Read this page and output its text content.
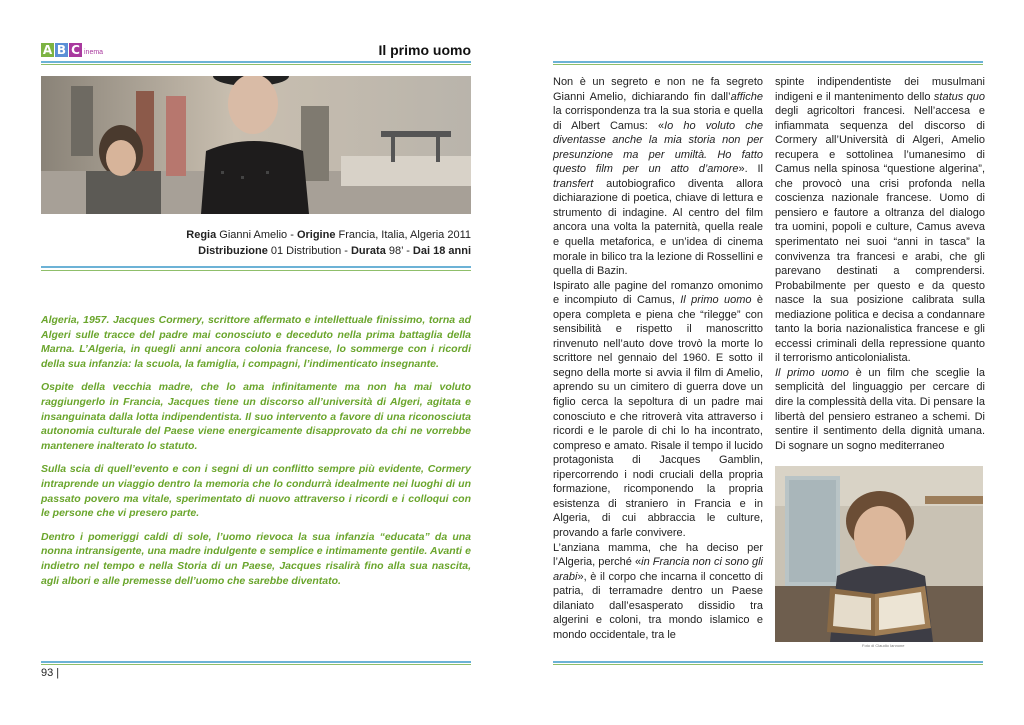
A B C inema	Il primo uomo
Regia Gianni Amelio - Origine Francia, Italia, Algeria 2011
Distribuzione 01 Distribution - Durata 98’ - Dai 18 anni

Algeria, 1957. Jacques Cormery, scrittore affermato e intellettuale finissimo, torna ad Algeri sulle tracce del padre mai conosciuto e deceduto nella prima battaglia della Marna. L’Algeria, in quegli anni ancora colonia francese, lo sommerge con i ricordi della sua infanzia: la scuola, la famiglia, i compagni, l’indimenticato insegnante.

Ospite della vecchia madre, che lo ama infinitamente ma non ha mai voluto raggiungerlo in Francia, Jacques tiene un discorso all’università di Algeri, agitata e insanguinata dalla lotta indipendentista. Il suo intervento a favore di una riconosciuta autonomia culturale del Paese viene energicamente disapprovato da chi ne vorrebbe mantenere inalterato lo statuto.

Sulla scia di quell’evento e con i segni di un conflitto sempre più evidente, Cormery intraprende un viaggio dentro la memoria che lo condurrà idealmente nei luoghi di un passato povero ma vitale, sperimentato di nuovo attraverso i ricordi e i colloqui con le persone che vi presero parte.

Dentro i pomeriggi caldi di sole, l’uomo rievoca la sua infanzia “educata” da una nonna intransigente, una madre indulgente e semplice e intimamente gentile. Avanti e indietro nel tempo e nella Storia di un Paese, Jacques risalirà fino alla sua nascita, agli albori e alle premesse dell’uomo che sarebbe diventato.

93 |

Non è un segreto e non ne fa segreto Gianni Amelio, dichiarando fin dall’affiche la corrispondenza tra la sua storia e quella di Albert Camus: «Io ho voluto che diventasse anche la mia storia non per presunzione ma per umiltà. Ho fatto questo film per un atto d’amore». Il transfert autobiografico diventa allora dichiarazione di poetica, chiave di lettura e strumento di indagine. Al centro del film ancora una volta la paternità, quella reale e quella metaforica, e un’idea di cinema morale in bilico tra la lezione di Rossellini e quella di Bazin.

Ispirato alle pagine del romanzo omonimo e incompiuto di Camus, Il primo uomo è opera completa e piena che “rilegge” con sensibilità e rispetto il manoscritto rinvenuto nell’auto dove trovò la morte lo scrittore nel gennaio del 1960. E sotto il segno della morte si avvia il film di Amelio, aprendo su un cimitero di guerra dove un figlio cerca la sepoltura di un padre mai conosciuto e che ritroverà vita attraverso i ricordi e le parole di chi lo ha incontrato, compreso e amato. Risale il tempo il lucido protagonista di Jacques Gamblin, ripercorrendo i nodi cruciali della propria formazione, ricomponendo la propria esistenza di straniero in Francia e in Algeria, di cui abbraccia le culture, provando a farle convivere.

L’anziana mamma, che ha deciso per l’Algeria, perché «in Francia non ci sono gli arabi», è il corpo che incarna il concetto di patria, di terramadre dentro un Paese dilaniato dall’esasperato dissidio tra algerini e coloni, tra mondo islamico e mondo occidentale, tra le

spinte indipendentiste dei musulmani indigeni e il mantenimento dello status quo degli agricoltori francesi. Nell’accesa e infiammata sequenza del discorso di Cormery all’Università di Algeri, Amelio recupera e sottolinea l’umanesimo di Camus nella spinosa “questione algerina”, che provocò una crisi profonda nella coscienza nazionale francese. Uomo di pensiero e fautore a oltranza del dialogo tra uomini, popoli e culture, Camus aveva sperimentato nei suoi “anni in tasca” la convivenza tra francesi e arabi, che gli parevano destinati a comprendersi. Probabilmente per questo e da questo nasce la sua posizione calibrata sulla mediazione politica e decisa a condannare tanto la boria nazionalistica francese e gli eccessi criminali della repressione quanto il terrorismo anticolonialista.

Il primo uomo è un film che sceglie la semplicità del linguaggio per cercare di dire la complessità della vita. Di pensare la libertà del pensiero estraneo a schemi. Di sentire il sentimento della dignità umana. Di sognare un sogno mediterraneo

Foto di Claudio Iannone
